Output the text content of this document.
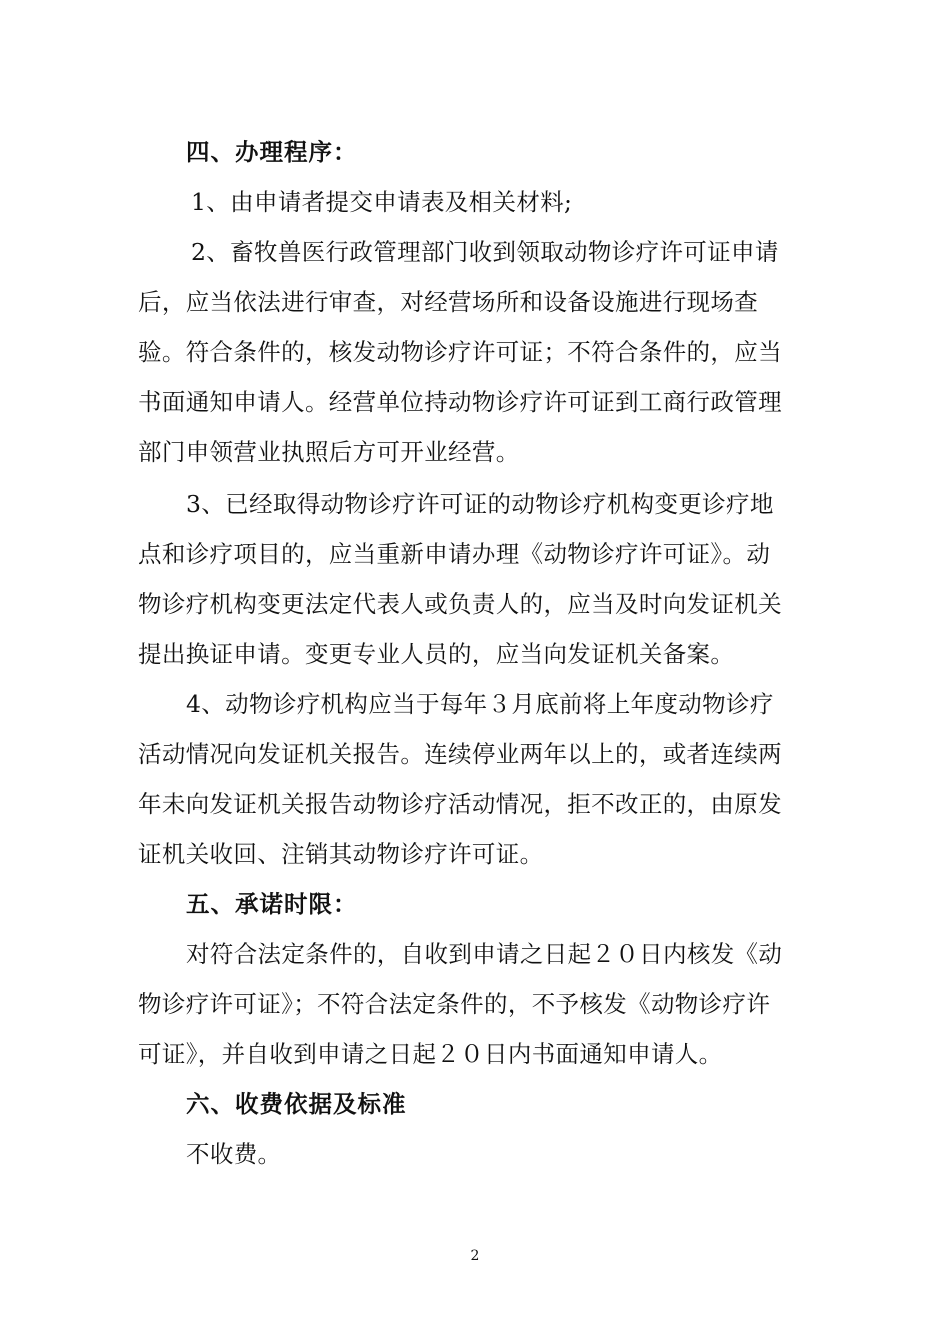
四、办理程序：
1、由申请者提交申请表及相关材料;
2、畜牧兽医行政管理部门收到领取动物诊疗许可证申请
后，应当依法进行审查，对经营场所和设备设施进行现场查
验。符合条件的，核发动物诊疗许可证；不符合条件的，应当
书面通知申请人。经营单位持动物诊疗许可证到工商行政管理
部门申领营业执照后方可开业经营。
3、已经取得动物诊疗许可证的动物诊疗机构变更诊疗地
点和诊疗项目的，应当重新申请办理《动物诊疗许可证》。动
物诊疗机构变更法定代表人或负责人的，应当及时向发证机关
提出换证申请。变更专业人员的，应当向发证机关备案。
4、动物诊疗机构应当于每年３月底前将上年度动物诊疗
活动情况向发证机关报告。连续停业两年以上的，或者连续两
年未向发证机关报告动物诊疗活动情况，拒不改正的，由原发
证机关收回、注销其动物诊疗许可证。
五、承诺时限：
对符合法定条件的，自收到申请之日起２０日内核发《动
物诊疗许可证》；不符合法定条件的，不予核发《动物诊疗许
可证》，并自收到申请之日起２０日内书面通知申请人。
六、收费依据及标准
不收费。
2
